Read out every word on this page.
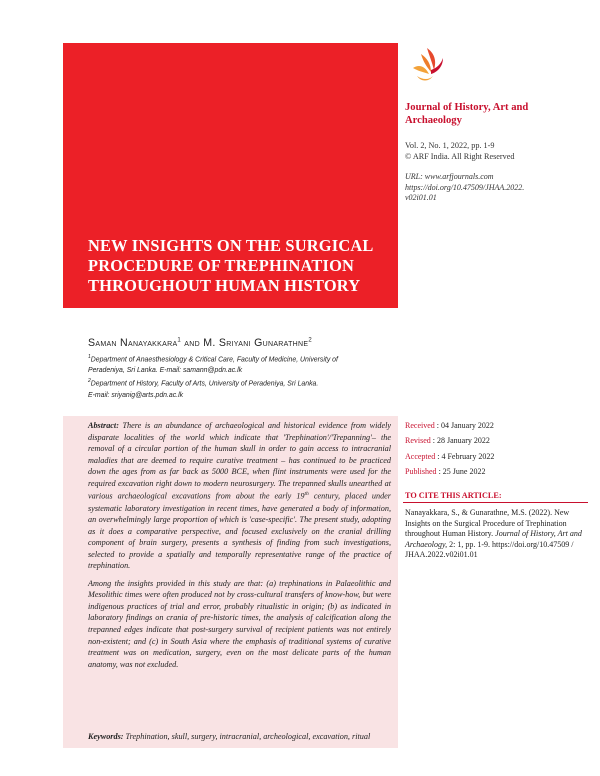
NEW INSIGHTS ON THE SURGICAL
PROCEDURE OF TREPHINATION
THROUGHOUT HUMAN HISTORY
Journal of History, Art and
Archaeology
Vol. 2, No. 1, 2022, pp. 1-9
© ARF India. All Right Reserved
URL: www.arfjournals.com
https://doi.org/10.47509/JHAA.2022.
v02i01.01
Saman Nanayakkara$^1$ and M. Sriyani Gunarathne$^2$
$^1$Department of Anaesthesiology & Critical Care, Faculty of Medicine, University of
Peradeniya, Sri Lanka. E-mail: samann@pdn.ac.lk
$^2$Department of History, Faculty of Arts, University of Peradeniya, Sri Lanka.
E-mail: sriyanig@arts.pdn.ac.lk

Abstract: There is an abundance of archaeological and historical evidence from widely disparate localities of the world which indicate that 'Trephination'/'Trepanning'– the removal of a circular portion of the human skull in order to gain access to intracranial maladies that are deemed to require curative treatment – has continued to be practiced down the ages from as far back as 5000 BCE, when flint instruments were used for the required excavation right down to modern neurosurgery. The trepanned skulls unearthed at various archaeological excavations from about the early 19th century, placed under systematic laboratory investigation in recent times, have generated a body of information, an overwhelmingly large proportion of which is 'case-specific'. The present study, adopting as it does a comparative perspective, and focused exclusively on the cranial drilling component of brain surgery, presents a synthesis of finding from such investigations, selected to provide a spatially and temporally representative range of the practice of trephination.

Among the insights provided in this study are that: (a) trephinations in Palaeolithic and Mesolithic times were often produced not by cross-cultural transfers of know-how, but were indigenous practices of trial and error, probably ritualistic in origin; (b) as indicated in laboratory findings on crania of pre-historic times, the analysis of calcification along the trepanned edges indicate that post-surgery survival of recipient patients was not entirely non-existent; and (c) in South Asia where the emphasis of traditional systems of curative treatment was on medication, surgery, even on the most delicate parts of the human anatomy, was not excluded.

Keywords: Trephination, skull, surgery, intracranial, archeological, excavation, ritual
Received : 04 January 2022
Revised : 28 January 2022
Accepted : 4 February 2022
Published : 25 June 2022
TO CITE THIS ARTICLE:
Nanayakkara, S., & Gunarathne, M.S. (2022). New Insights on the Surgical Procedure of Trephination throughout Human History. Journal of History, Art and Archaeology, 2: 1, pp. 1-9. https://doi.org/10.47509 / JHAA.2022.v02i01.01
